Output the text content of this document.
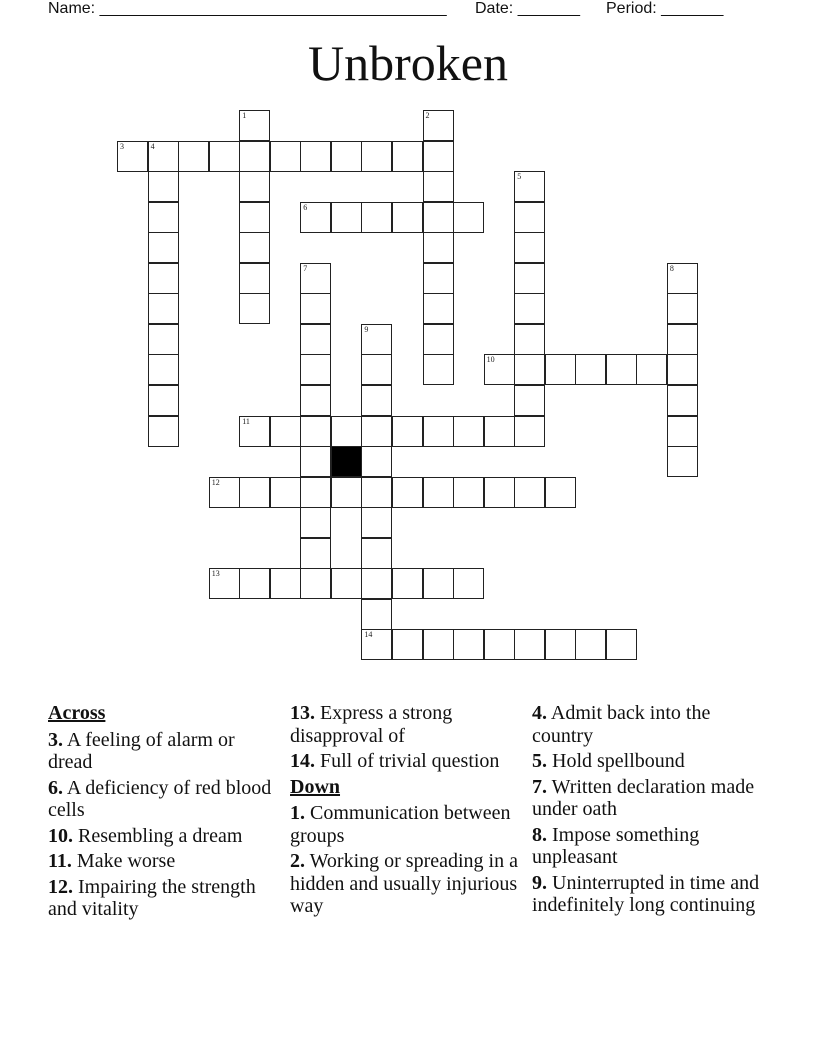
Name: _______________________________________ Date: _______ Period: _______
Unbroken
1	2
3	4
5
6
7	8
9
14
10
11
12
13
Across
3. A feeling of alarm or dread
6. A deficiency of red blood cells
10. Resembling a dream
11. Make worse
12. Impairing the strength and vitality
13. Express a strong disapproval of
14. Full of trivial question
Down
1. Communication between groups
2. Working or spreading in a hidden and usually injurious way
4. Admit back into the country
5. Hold spellbound
7. Written declaration made under oath
8. Impose something unpleasant
9. Uninterrupted in time and indefinitely long continuing
